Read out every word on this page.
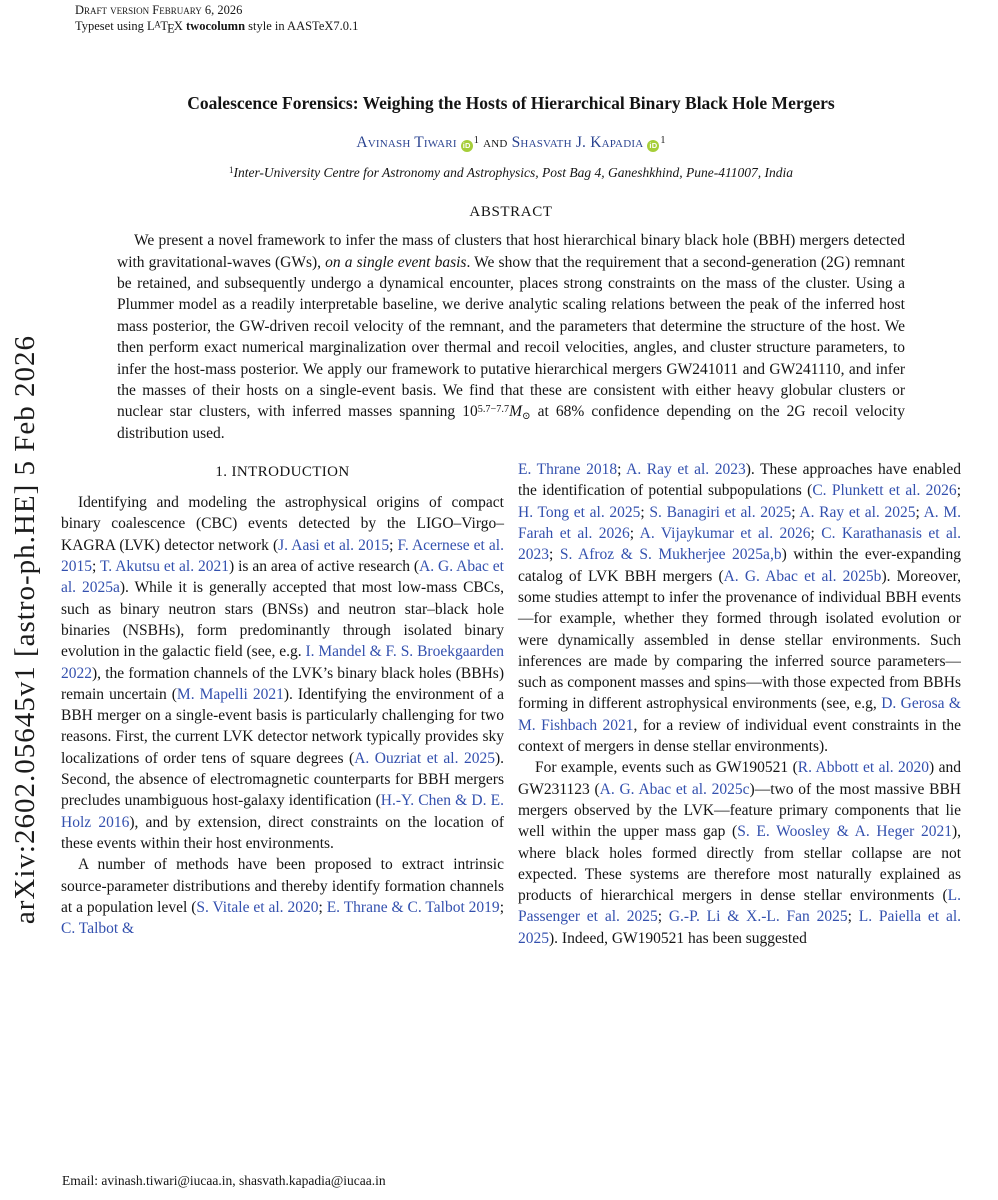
Draft version February 6, 2026
Typeset using LATEX twocolumn style in AASTeX7.0.1
arXiv:2602.05645v1 [astro-ph.HE] 5 Feb 2026
Coalescence Forensics: Weighing the Hosts of Hierarchical Binary Black Hole Mergers
Avinash Tiwari $iD^1$ and Shasvath J. Kapadia $iD^1$
$^1$Inter-University Centre for Astronomy and Astrophysics, Post Bag 4, Ganeshkhind, Pune-411007, India
ABSTRACT

We present a novel framework to infer the mass of clusters that host hierarchical binary black hole (BBH) mergers detected with gravitational-waves (GWs), on a single event basis. We show that the requirement that a second-generation (2G) remnant be retained, and subsequently undergo a dynamical encounter, places strong constraints on the mass of the cluster. Using a Plummer model as a readily interpretable baseline, we derive analytic scaling relations between the peak of the inferred host mass posterior, the GW-driven recoil velocity of the remnant, and the parameters that determine the structure of the host. We then perform exact numerical marginalization over thermal and recoil velocities, angles, and cluster structure parameters, to infer the host-mass posterior. We apply our framework to putative hierarchical mergers GW241011 and GW241110, and infer the masses of their hosts on a single-event basis. We find that these are consistent with either heavy globular clusters or nuclear star clusters, with inferred masses spanning $10^{5.7-7.7}M_⊙$ at 68% confidence depending on the 2G recoil velocity distribution used.

1. INTRODUCTION

Identifying and modeling the astrophysical origins of compact binary coalescence (CBC) events detected by the LIGO–Virgo–KAGRA (LVK) detector network (J. Aasi et al. 2015; F. Acernese et al. 2015; T. Akutsu et al. 2021) is an area of active research (A. G. Abac et al. 2025a). While it is generally accepted that most low-mass CBCs, such as binary neutron stars (BNSs) and neutron star–black hole binaries (NSBHs), form predominantly through isolated binary evolution in the galactic field (see, e.g. I. Mandel & F. S. Broekgaarden 2022), the formation channels of the LVK’s binary black holes (BBHs) remain uncertain (M. Mapelli 2021). Identifying the environment of a BBH merger on a single-event basis is particularly challenging for two reasons. First, the current LVK detector network typically provides sky localizations of order tens of square degrees (A. Ouzriat et al. 2025). Second, the absence of electromagnetic counterparts for BBH mergers precludes unambiguous host-galaxy identification (H.-Y. Chen & D. E. Holz 2016), and by extension, direct constraints on the location of these events within their host environments.

A number of methods have been proposed to extract intrinsic source-parameter distributions and thereby identify formation channels at a population level (S. Vitale et al. 2020; E. Thrane & C. Talbot 2019; C. Talbot &

E. Thrane 2018; A. Ray et al. 2023). These approaches have enabled the identification of potential subpopulations (C. Plunkett et al. 2026; H. Tong et al. 2025; S. Banagiri et al. 2025; A. Ray et al. 2025; A. M. Farah et al. 2026; A. Vijaykumar et al. 2026; C. Karathanasis et al. 2023; S. Afroz & S. Mukherjee 2025a,b) within the ever-expanding catalog of LVK BBH mergers (A. G. Abac et al. 2025b). Moreover, some studies attempt to infer the provenance of individual BBH events—for example, whether they formed through isolated evolution or were dynamically assembled in dense stellar environments. Such inferences are made by comparing the inferred source parameters—such as component masses and spins—with those expected from BBHs forming in different astrophysical environments (see, e.g, D. Gerosa & M. Fishbach 2021, for a review of individual event constraints in the context of mergers in dense stellar environments).

For example, events such as GW190521 (R. Abbott et al. 2020) and GW231123 (A. G. Abac et al. 2025c)—two of the most massive BBH mergers observed by the LVK—feature primary components that lie well within the upper mass gap (S. E. Woosley & A. Heger 2021), where black holes formed directly from stellar collapse are not expected. These systems are therefore most naturally explained as products of hierarchical mergers in dense stellar environments (L. Passenger et al. 2025; G.-P. Li & X.-L. Fan 2025; L. Paiella et al. 2025). Indeed, GW190521 has been suggested

Email: avinash.tiwari@iucaa.in, shasvath.kapadia@iucaa.in
